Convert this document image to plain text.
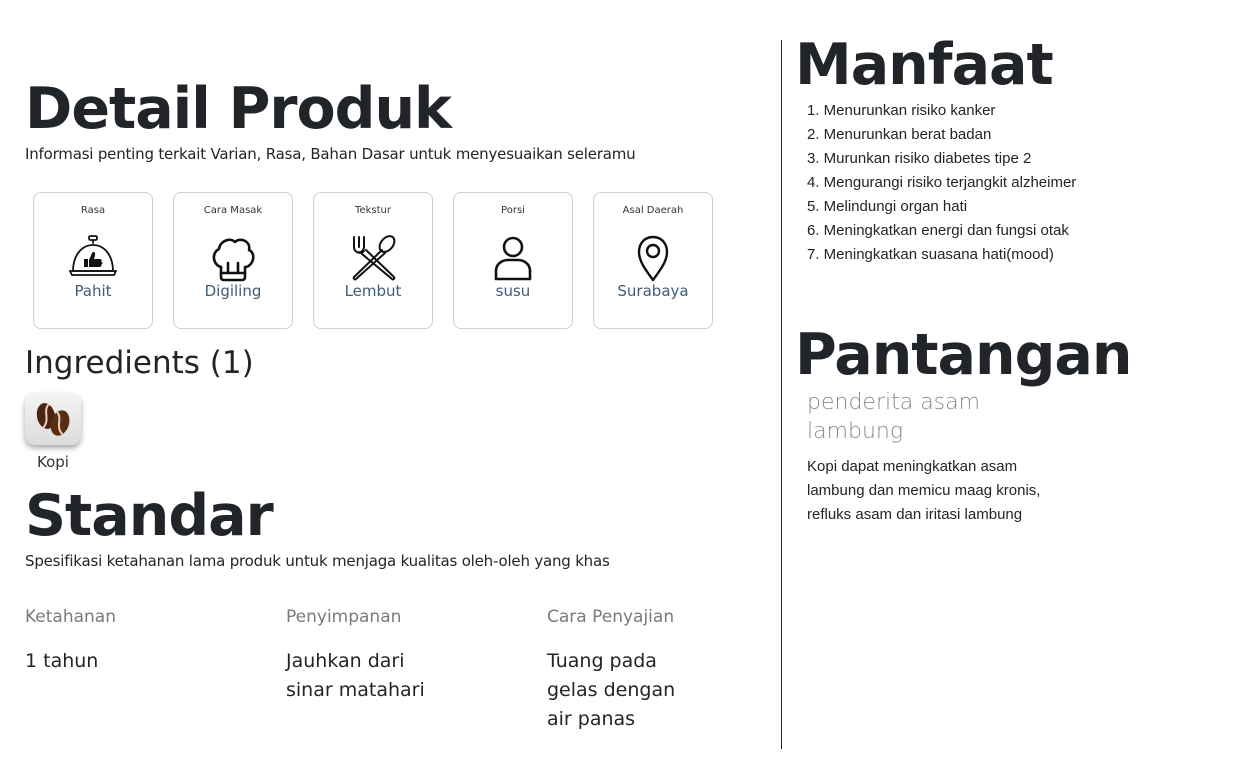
Detail Produk

Informasi penting terkait Varian, Rasa, Bahan Dasar untuk menyesuaikan seleramu

Rasa
Pahit
Cara Masak
Digiling
Tekstur
Lembut
Porsi
susu
Asal Daerah
Surabaya
Ingredients (1)
Kopi
Standar

Spesifikasi ketahanan lama produk untuk menjaga kualitas oleh-oleh yang khas

Ketahanan
1 tahun
Penyimpanan
Jauhkan dari sinar matahari
Cara Penyajian
Tuang pada gelas dengan air panas
Manfaat
1. Menurunkan risiko kanker
2. Menurunkan berat badan
3. Murunkan risiko diabetes tipe 2
4. Mengurangi risiko terjangkit alzheimer
5. Melindungi organ hati
6. Meningkatkan energi dan fungsi otak
7. Meningkatkan suasana hati(mood)
Pantangan
penderita asam lambung

Kopi dapat meningkatkan asam lambung dan memicu maag kronis, refluks asam dan iritasi lambung
